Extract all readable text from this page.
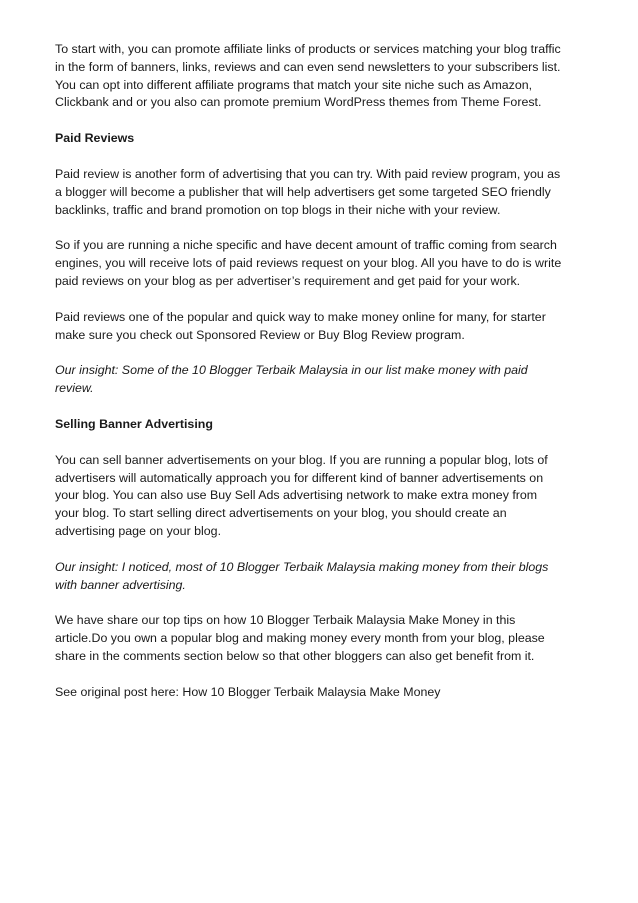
To start with, you can promote affiliate links of products or services matching your blog traffic
in the form of banners, links, reviews and can even send newsletters to your subscribers list.
You can opt into different affiliate programs that match your site niche such as Amazon,
Clickbank and or you also can promote premium WordPress themes from Theme Forest.
Paid Reviews
Paid review is another form of advertising that you can try. With paid review program, you as
a blogger will become a publisher that will help advertisers get some targeted SEO friendly
backlinks, traffic and brand promotion on top blogs in their niche with your review.
So if you are running a niche specific and have decent amount of traffic coming from search
engines, you will receive lots of paid reviews request on your blog. All you have to do is write
paid reviews on your blog as per advertiser’s requirement and get paid for your work.
Paid reviews one of the popular and quick way to make money online for many, for starter
make sure you check out Sponsored Review or Buy Blog Review program.
Our insight: Some of the 10 Blogger Terbaik Malaysia in our list make money with paid
review.
Selling Banner Advertising
You can sell banner advertisements on your blog. If you are running a popular blog, lots of
advertisers will automatically approach you for different kind of banner advertisements on
your blog. You can also use Buy Sell Ads advertising network to make extra money from
your blog. To start selling direct advertisements on your blog, you should create an
advertising page on your blog.
Our insight: I noticed, most of 10 Blogger Terbaik Malaysia making money from their blogs
with banner advertising.
We have share our top tips on how 10 Blogger Terbaik Malaysia Make Money in this
article.Do you own a popular blog and making money every month from your blog, please
share in the comments section below so that other bloggers can also get benefit from it.
See original post here: How 10 Blogger Terbaik Malaysia Make Money
